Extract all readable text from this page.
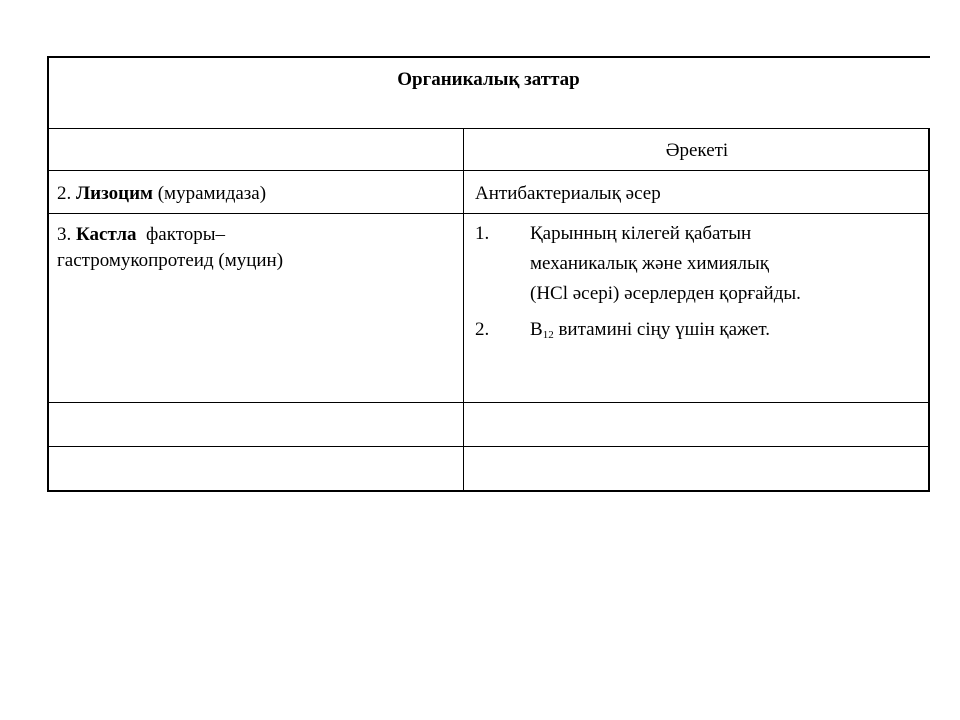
Органикалық заттар
Әрекеті
2. Лизоцим (мурамидаза)	Антибактериалық әсер
3. Кастла факторы–
гастромукопротеид (муцин)
1. Қарынның кілегей қабатын
механикалық және химиялық
(НCl әсері) әсерлерден қорғайды.
2. $В_{12}$ витамині сіңу үшін қажет.
